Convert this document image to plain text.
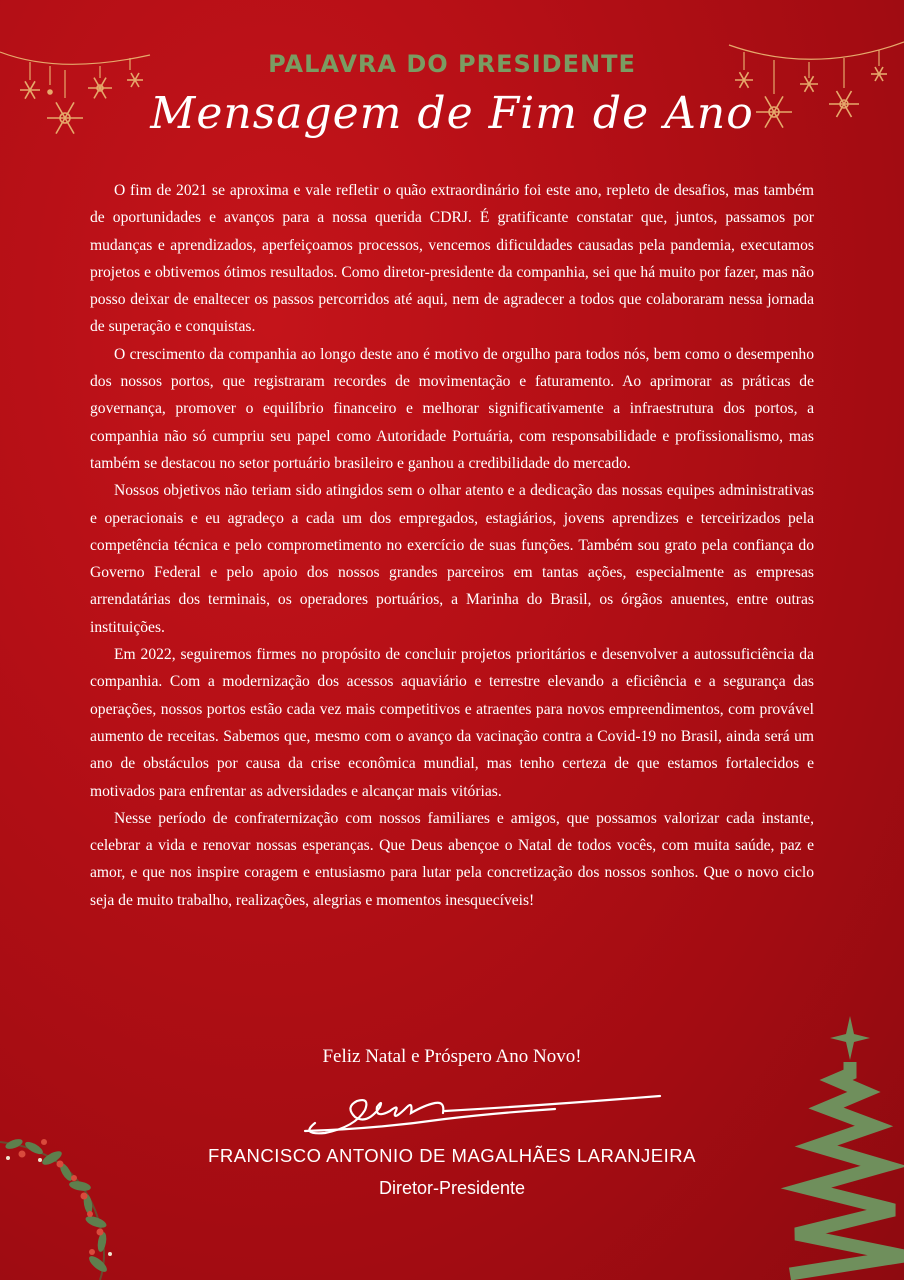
PALAVRA DO PRESIDENTE
Mensagem de Fim de Ano

O fim de 2021 se aproxima e vale refletir o quão extraordinário foi este ano, repleto de desafios, mas também de oportunidades e avanços para a nossa querida CDRJ. É gratificante constatar que, juntos, passamos por mudanças e aprendizados, aperfeiçoamos processos, vencemos dificuldades causadas pela pandemia, executamos projetos e obtivemos ótimos resultados. Como diretor-presidente da companhia, sei que há muito por fazer, mas não posso deixar de enaltecer os passos percorridos até aqui, nem de agradecer a todos que colaboraram nessa jornada de superação e conquistas.

O crescimento da companhia ao longo deste ano é motivo de orgulho para todos nós, bem como o desempenho dos nossos portos, que registraram recordes de movimentação e faturamento. Ao aprimorar as práticas de governança, promover o equilíbrio financeiro e melhorar significativamente a infraestrutura dos portos, a companhia não só cumpriu seu papel como Autoridade Portuária, com responsabilidade e profissionalismo, mas também se destacou no setor portuário brasileiro e ganhou a credibilidade do mercado.

Nossos objetivos não teriam sido atingidos sem o olhar atento e a dedicação das nossas equipes administrativas e operacionais e eu agradeço a cada um dos empregados, estagiários, jovens aprendizes e terceirizados pela competência técnica e pelo comprometimento no exercício de suas funções. Também sou grato pela confiança do Governo Federal e pelo apoio dos nossos grandes parceiros em tantas ações, especialmente as empresas arrendatárias dos terminais, os operadores portuários, a Marinha do Brasil, os órgãos anuentes, entre outras instituições.

Em 2022, seguiremos firmes no propósito de concluir projetos prioritários e desenvolver a autossuficiência da companhia. Com a modernização dos acessos aquaviário e terrestre elevando a eficiência e a segurança das operações, nossos portos estão cada vez mais competitivos e atraentes para novos empreendimentos, com provável aumento de receitas. Sabemos que, mesmo com o avanço da vacinação contra a Covid-19 no Brasil, ainda será um ano de obstáculos por causa da crise econômica mundial, mas tenho certeza de que estamos fortalecidos e motivados para enfrentar as adversidades e alcançar mais vitórias.

Nesse período de confraternização com nossos familiares e amigos, que possamos valorizar cada instante, celebrar a vida e renovar nossas esperanças. Que Deus abençoe o Natal de todos vocês, com muita saúde, paz e amor, e que nos inspire coragem e entusiasmo para lutar pela concretização dos nossos sonhos. Que o novo ciclo seja de muito trabalho, realizações, alegrias e momentos inesquecíveis!

Feliz Natal e Próspero Ano Novo!
FRANCISCO ANTONIO DE MAGALHÃES LARANJEIRA
Diretor-Presidente
